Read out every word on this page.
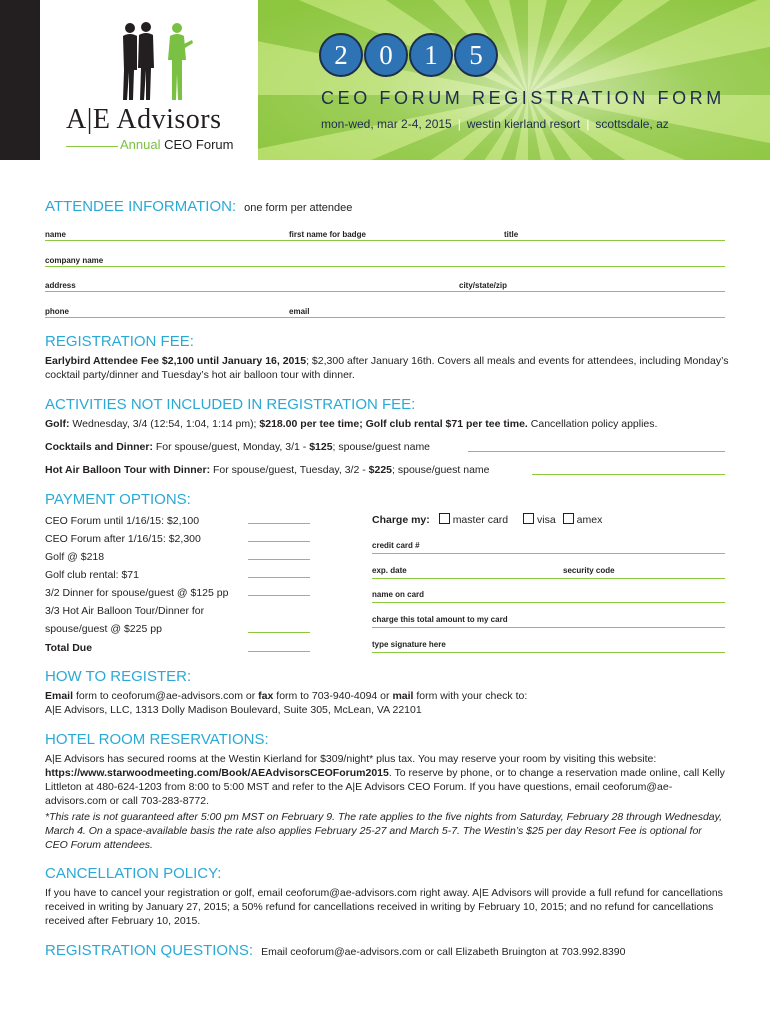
A|E Advisors
Annual CEO Forum
2	0	1	5
CEO FORUM REGISTRATION FORM
mon-wed, mar 2-4, 2015 | westin kierland resort | scottsdale, az
ATTENDEE INFORMATION: one form per attendee
name	first name for badge	title
company name
address	city/state/zip
phone	email
REGISTRATION FEE:
Earlybird Attendee Fee $2,100 until January 16, 2015; $2,300 after January 16th. Covers all meals and events for attendees, including Monday’s cocktail party/dinner and Tuesday’s hot air balloon tour with dinner.
ACTIVITIES NOT INCLUDED IN REGISTRATION FEE:
Golf: Wednesday, 3/4 (12:54, 1:04, 1:14 pm); $218.00 per tee time; Golf club rental $71 per tee time. Cancellation policy applies.
Cocktails and Dinner: For spouse/guest, Monday, 3/1 - $125; spouse/guest name
Hot Air Balloon Tour with Dinner: For spouse/guest, Tuesday, 3/2 - $225; spouse/guest name
PAYMENT OPTIONS:
CEO Forum until 1/16/15: $2,100
CEO Forum after 1/16/15: $2,300
Golf @ $218
Golf club rental: $71
3/2 Dinner for spouse/guest @ $125 pp
3/3 Hot Air Balloon Tour/Dinner for
spouse/guest @ $225 pp
Total Due
Charge my: master card	visa amex
credit card #
exp. date	security code
name on card
charge this total amount to my card
type signature here
HOW TO REGISTER:
Email form to ceoforum@ae-advisors.com or fax form to 703-940-4094 or mail form with your check to:
A|E Advisors, LLC, 1313 Dolly Madison Boulevard, Suite 305, McLean, VA 22101
HOTEL ROOM RESERVATIONS:
A|E Advisors has secured rooms at the Westin Kierland for $309/night* plus tax. You may reserve your room by visiting this website: https://www.starwoodmeeting.com/Book/AEAdvisorsCEOForum2015. To reserve by phone, or to change a reservation made online, call Kelly Littleton at 480-624-1203 from 8:00 to 5:00 MST and refer to the A|E Advisors CEO Forum. If you have questions, email ceoforum@ae-advisors.com or call 703-283-8772.
*This rate is not guaranteed after 5:00 pm MST on February 9. The rate applies to the five nights from Saturday, February 28 through Wednesday, March 4. On a space-available basis the rate also applies February 25-27 and March 5-7. The Westin’s $25 per day Resort Fee is optional for CEO Forum attendees.
CANCELLATION POLICY:
If you have to cancel your registration or golf, email ceoforum@ae-advisors.com right away. A|E Advisors will provide a full refund for cancellations received in writing by January 27, 2015; a 50% refund for cancellations received in writing by February 10, 2015; and no refund for cancellations received after February 10, 2015.
REGISTRATION QUESTIONS: Email ceoforum@ae-advisors.com or call Elizabeth Bruington at 703.992.8390
